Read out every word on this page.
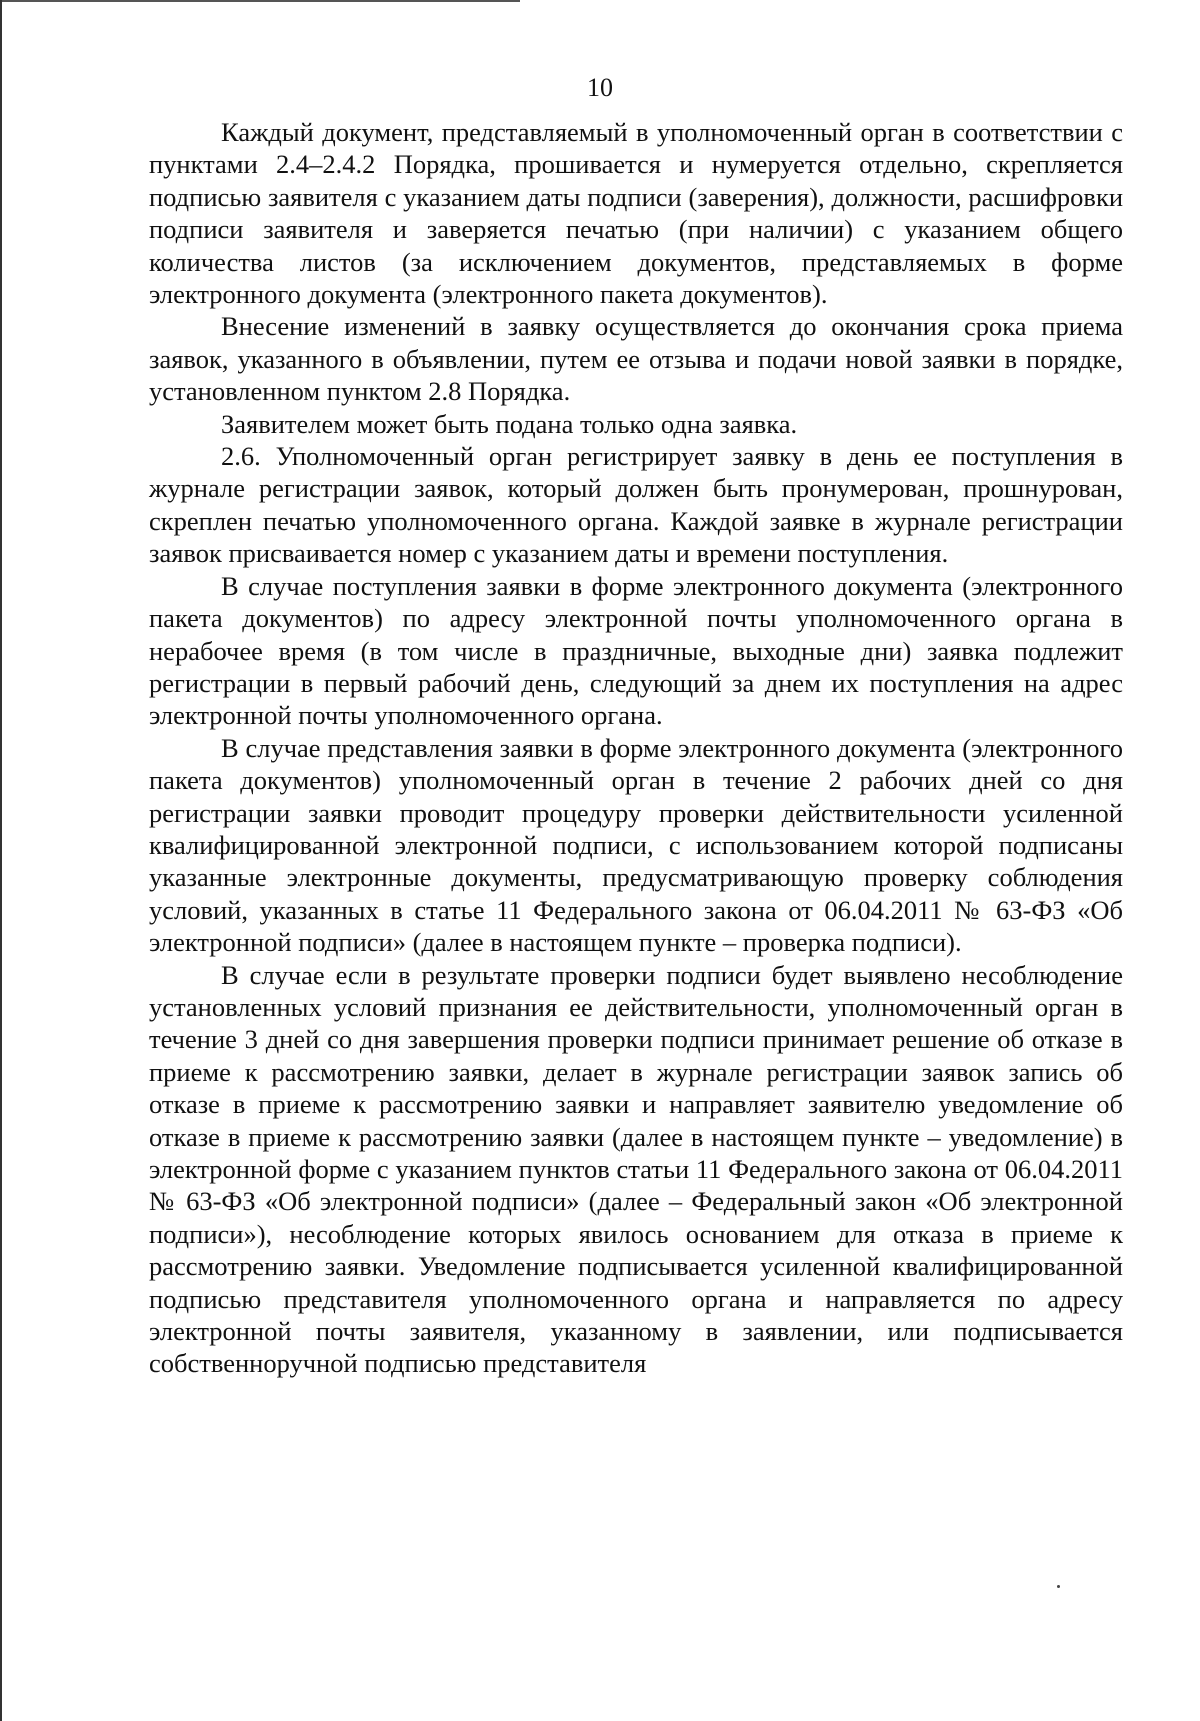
10

Каждый документ, представляемый в уполномоченный орган в соответствии с пунктами 2.4–2.4.2 Порядка, прошивается и нумеруется отдельно, скрепляется подписью заявителя с указанием даты подписи (заверения), должности, расшифровки подписи заявителя и заверяется печатью (при наличии) с указанием общего количества листов (за исключением документов, представляемых в форме электронного документа (электронного пакета документов).

Внесение изменений в заявку осуществляется до окончания срока приема заявок, указанного в объявлении, путем ее отзыва и подачи новой заявки в порядке, установленном пунктом 2.8 Порядка.

Заявителем может быть подана только одна заявка.

2.6. Уполномоченный орган регистрирует заявку в день ее поступления в журнале регистрации заявок, который должен быть пронумерован, прошнурован, скреплен печатью уполномоченного органа. Каждой заявке в журнале регистрации заявок присваивается номер с указанием даты и времени поступления.

В случае поступления заявки в форме электронного документа (электронного пакета документов) по адресу электронной почты уполномоченного органа в нерабочее время (в том числе в праздничные, выходные дни) заявка подлежит регистрации в первый рабочий день, следующий за днем их поступления на адрес электронной почты уполномоченного органа.

В случае представления заявки в форме электронного документа (электронного пакета документов) уполномоченный орган в течение 2 рабочих дней со дня регистрации заявки проводит процедуру проверки действительности усиленной квалифицированной электронной подписи, с использованием которой подписаны указанные электронные документы, предусматривающую проверку соблюдения условий, указанных в статье 11 Федерального закона от 06.04.2011 № 63-ФЗ «Об электронной подписи» (далее в настоящем пункте – проверка подписи).

В случае если в результате проверки подписи будет выявлено несоблюдение установленных условий признания ее действительности, уполномоченный орган в течение 3 дней со дня завершения проверки подписи принимает решение об отказе в приеме к рассмотрению заявки, делает в журнале регистрации заявок запись об отказе в приеме к рассмотрению заявки и направляет заявителю уведомление об отказе в приеме к рассмотрению заявки (далее в настоящем пункте – уведомление) в электронной форме с указанием пунктов статьи 11 Федерального закона от 06.04.2011 № 63-ФЗ «Об электронной подписи» (далее – Федеральный закон «Об электронной подписи»), несоблюдение которых явилось основанием для отказа в приеме к рассмотрению заявки. Уведомление подписывается усиленной квалифицированной подписью представителя уполномоченного органа и направляется по адресу электронной почты заявителя, указанному в заявлении, или подписывается собственноручной подписью представителя
